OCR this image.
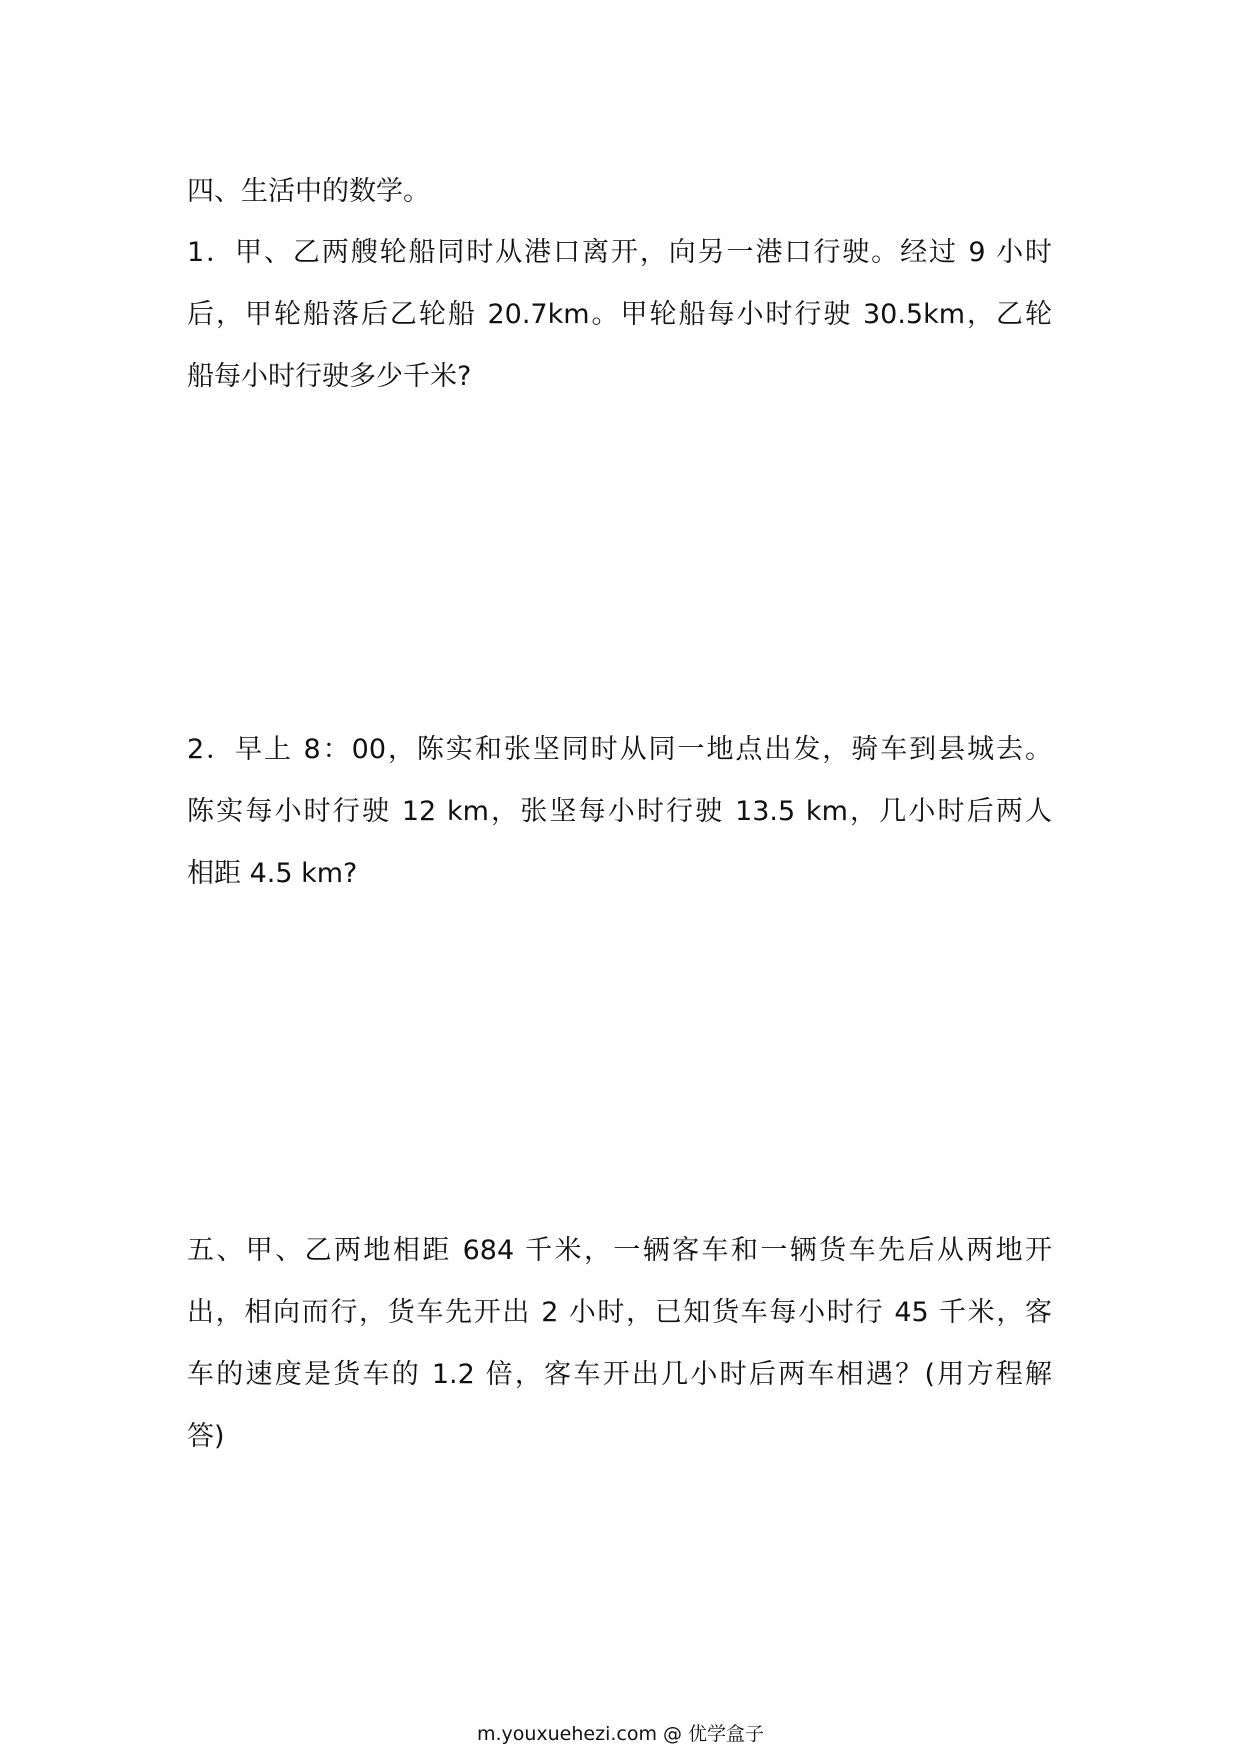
四、生活中的数学。
1．甲、乙两艘轮船同时从港口离开，向另一港口行驶。经过 9 小时
后，甲轮船落后乙轮船 20.7km。甲轮船每小时行驶 30.5km，乙轮
船每小时行驶多少千米?
2．早上 8：00，陈实和张坚同时从同一地点出发，骑车到县城去。
陈实每小时行驶 12 km，张坚每小时行驶 13.5 km，几小时后两人
相距 4.5 km?
五、甲、乙两地相距 684 千米，一辆客车和一辆货车先后从两地开
出，相向而行，货车先开出 2 小时，已知货车每小时行 45 千米，客
车的速度是货车的 1.2 倍，客车开出几小时后两车相遇？(用方程解
答)
m.youxuehezi.com @ 优学盒子
